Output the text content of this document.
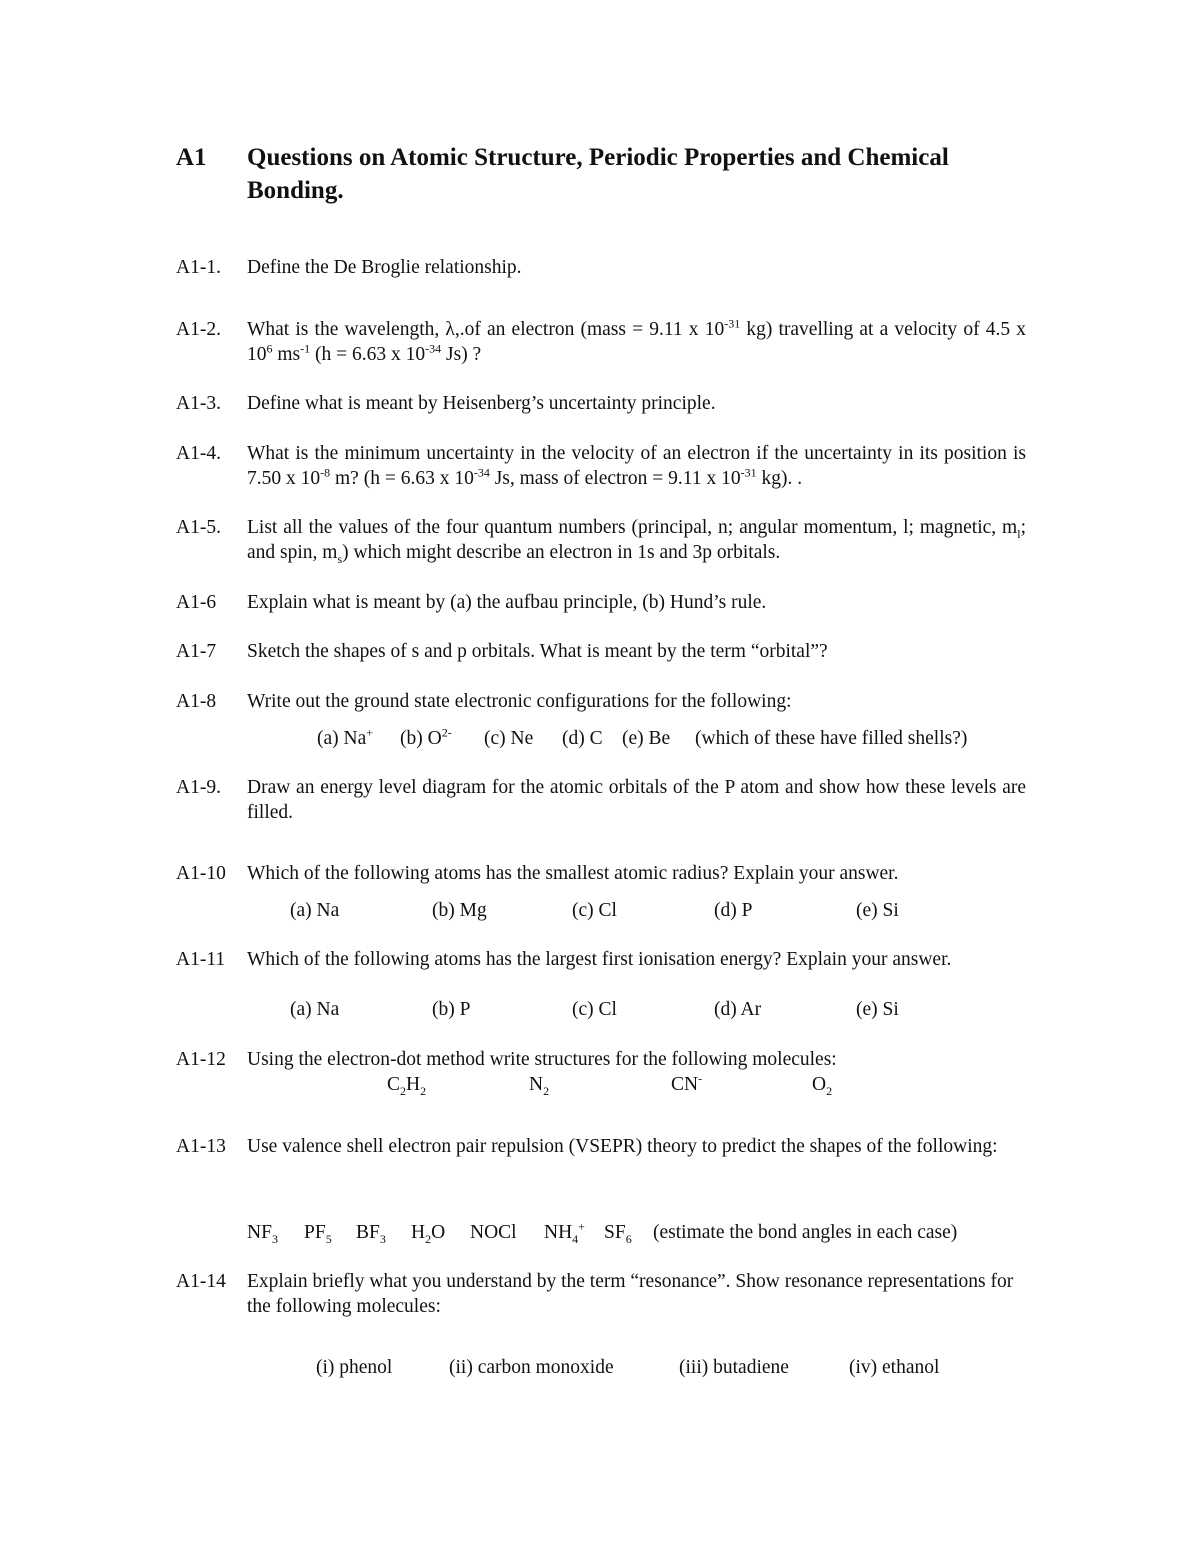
A1 Questions on Atomic Structure, Periodic Properties and Chemical Bonding.
A1-1. Define the De Broglie relationship.
A1-2. What is the wavelength, λ,.of an electron (mass = 9.11 x $10^{-31}$ kg) travelling at a velocity of 4.5 x $10^6$ $ms^{-1}$ (h = 6.63 x $10^{-34}$ Js) ?
A1-3. Define what is meant by Heisenberg’s uncertainty principle.
A1-4. What is the minimum uncertainty in the velocity of an electron if the uncertainty in its position is 7.50 x $10^{-8}$ m? (h = 6.63 x $10^{-34}$ Js, mass of electron = 9.11 x $10^{-31}$ kg). .
A1-5. List all the values of the four quantum numbers (principal, n; angular momentum, l; magnetic, $m_l$; and spin, $m_s$) which might describe an electron in 1s and 3p orbitals.
A1-6 Explain what is meant by (a) the aufbau principle, (b) Hund’s rule.
A1-7 Sketch the shapes of s and p orbitals. What is meant by the term “orbital”?
A1-8 Write out the ground state electronic configurations for the following:
(a) Na+ (b) $O^{2-}$ (c) Ne (d) C (e) Be (which of these have filled shells?)
A1-9. Draw an energy level diagram for the atomic orbitals of the P atom and show how these levels are filled.
A1-10 Which of the following atoms has the smallest atomic radius? Explain your answer.
(a) Na	(b) Mg	(c) Cl	(d) P	(e) Si
A1-11 Which of the following atoms has the largest first ionisation energy? Explain your answer.
(a) Na	(b) P	(c) Cl	(d) Ar	(e) Si
A1-12 Using the electron-dot method write structures for the following molecules:
$C_2H_2$	$N_2$	CN-	$O_2$
A1-13 Use valence shell electron pair repulsion (VSEPR) theory to predict the shapes of the following:
$NF_3$ $PF_5$ $BF_3$ $H_2O$ NOCl $NH_4^+$ $SF_6$ (estimate the bond angles in each case)
A1-14 Explain briefly what you understand by the term “resonance”. Show resonance representations for the following molecules:
(i) phenol	(ii) carbon monoxide	(iii) butadiene	(iv) ethanol
